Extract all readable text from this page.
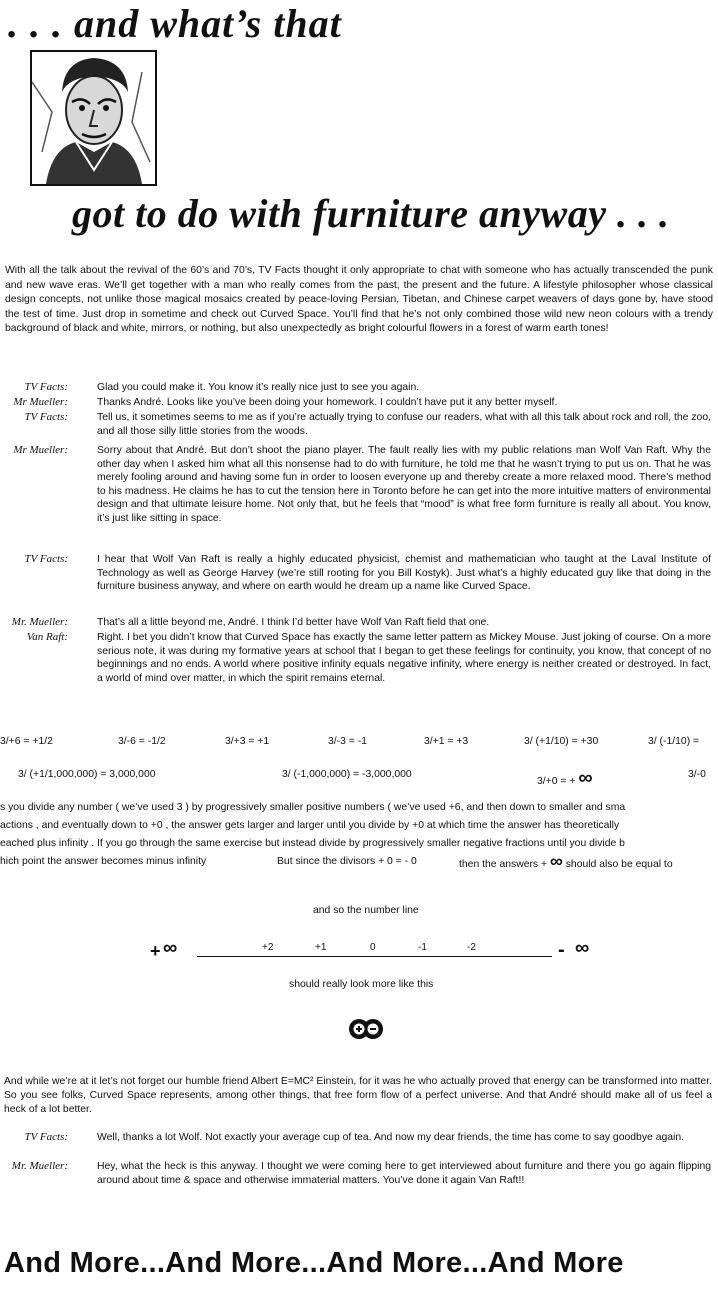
. . . and what’s that
got to do with furniture anyway . . .
With all the talk about the revival of the 60’s and 70’s, TV Facts thought it only appropriate to chat with someone who has actually transcended the punk and new wave eras. We’ll get together with a man who really comes from the past, the present and the future. A lifestyle philosopher whose classical design concepts, not unlike those magical mosaics created by peace-loving Persian, Tibetan, and Chinese carpet weavers of days gone by, have stood the test of time. Just drop in sometime and check out Curved Space. You’ll find that he’s not only combined those wild new neon colours with a trendy background of black and white, mirrors, or nothing, but also unexpectedly as bright colourful flowers in a forest of warm earth tones!
TV Facts:	Glad you could make it. You know it’s really nice just to see you again.
Mr Mueller:	Thanks André. Looks like you’ve been doing your homework. I couldn’t have put it any better myself.
TV Facts:	Tell us, it sometimes seems to me as if you’re actually trying to confuse our readers, what with all this talk about rock and roll, the zoo, and all those silly little stories from the woods.
Mr Mueller:	Sorry about that André. But don’t shoot the piano player. The fault really lies with my public relations man Wolf Van Raft. Why the other day when I asked him what all this nonsense had to do with furniture, he told me that he wasn’t trying to put us on. That he was merely fooling around and having some fun in order to loosen everyone up and thereby create a more relaxed mood. There’s method to his madness. He claims he has to cut the tension here in Toronto before he can get into the more intuitive matters of environmental design and that ultimate leisure home. Not only that, but he feels that “mood” is what free form furniture is really all about. You know, it’s just like sitting in space.
TV Facts:	I hear that Wolf Van Raft is really a highly educated physicist, chemist and mathematician who taught at the Laval Institute of Technology as well as George Harvey (we’re still rooting for you Bill Kostyk). Just what’s a highly educated guy like that doing in the furniture business anyway, and where on earth would he dream up a name like Curved Space.
Mr. Mueller:	That’s all a little beyond me, André. I think I’d better have Wolf Van Raft field that one.
Van Raft:	Right. I bet you didn’t know that Curved Space has exactly the same letter pattern as Mickey Mouse. Just joking of course. On a more serious note, it was during my formative years at school that I began to get these feelings for continuity, you know, that concept of no beginnings and no ends. A world where positive infinity equals negative infinity, where energy is neither created or destroyed. In fact, a world of mind over matter, in which the spirit remains eternal.
3/+6 = +1/2	3/-6 = -1/2	3/+3 = +1	3/-3 = -1	3/+1 = +3	3/ (+1/10) = +30	3/ (-1/10) =
3/ (+1/1,000,000) = 3,000,000	3/ (-1,000,000) = -3,000,000
3/+0 = + ∞	3/-0
s you divide any number ( we’ve used 3 ) by progressively smaller positive numbers ( we’ve used +6, and then down to smaller and sma
actions , and eventually down to +0 , the answer gets larger and larger until you divide by +0 at which time the answer has theoretically
eached plus infinity . If you go through the same exercise but instead divide by progressively smaller negative fractions until you divide b
hich point the answer becomes minus infinity	But since the divisors + 0 = - 0	then the answers + ∞ should also be equal to
and so the number line
+ ∞	+2	+1	0	-1	-2	- ∞
should really look more like this
And while we’re at it let’s not forget our humble friend Albert E=MC² Einstein, for it was he who actually proved that energy can be transformed into matter. So you see folks, Curved Space represents, among other things, that free form flow of a perfect universe. And that André should make all of us feel a heck of a lot better.
TV Facts:	Well, thanks a lot Wolf. Not exactly your average cup of tea. And now my dear friends, the time has come to say goodbye again.
Mr. Mueller:	Hey, what the heck is this anyway. I thought we were coming here to get interviewed about furniture and there you go again flipping around about time & space and otherwise immaterial matters. You’ve done it again Van Raft!!
And More...And More...And More...And More
